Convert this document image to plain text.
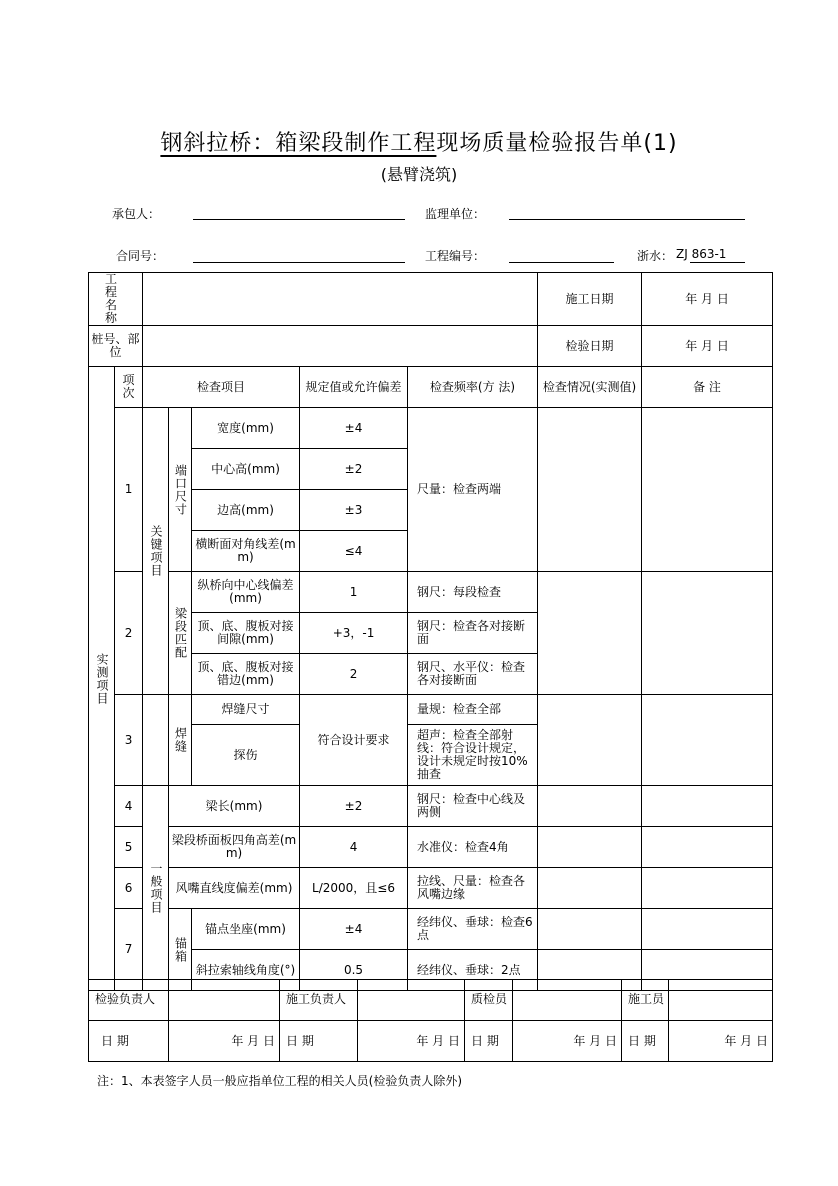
钢斜拉桥：箱梁段制作工程现场质量检验报告单(1)
(悬臂浇筑)
承包人：	监理单位：
合同号：	工程编号：	浙水： ZJ 863-1
工 程 名 称							施工日期	年 月 日
桩号、部位							检验日期	年 月 日
实测项目	项次	检查项目			规定值或允许偏差	检查频率(方 法)	检查情况(实测值)	备 注
	1	关键项目	端口尺寸	宽度(mm)	±4	尺量：检查两端		
				中心高(mm)	±2			
				边高(mm)	±3			
				横断面对角线差(mm)	≤4			
	2		梁段匹配	纵桥向中心线偏差(mm)	1	钢尺：每段检查		
				顶、底、腹板对接间隙(mm)	+3，-1	钢尺：检查各对接断面		
				顶、底、腹板对接错边(mm)	2	钢尺、水平仪：检查各对接断面		
	3		焊缝	焊缝尺寸	符合设计要求	量规：检查全部		
				探伤		超声：检查全部射线：符合设计规定，设计未规定时按10%抽查		
	4	一般项目	梁长(mm)		±2	钢尺：检查中心线及两侧		
	5		梁段桥面板四角高差(mm)		4	水准仪：检查4角		
	6		风嘴直线度偏差(mm)		L/2000，且≤6	拉线、尺量：检查各风嘴边缘		
	7		锚箱	锚点坐座(mm)	±4	经纬仪、垂球：检查6点		
				斜拉索轴线角度(°)	0.5	经纬仪、垂球：2点		
检验负责人		施工负责人		质检员		施工员	
日 期	年 月 日	日 期	年 月 日	日 期	年 月 日	日 期	年 月 日
注：1、本表签字人员一般应指单位工程的相关人员(检验负责人除外)
